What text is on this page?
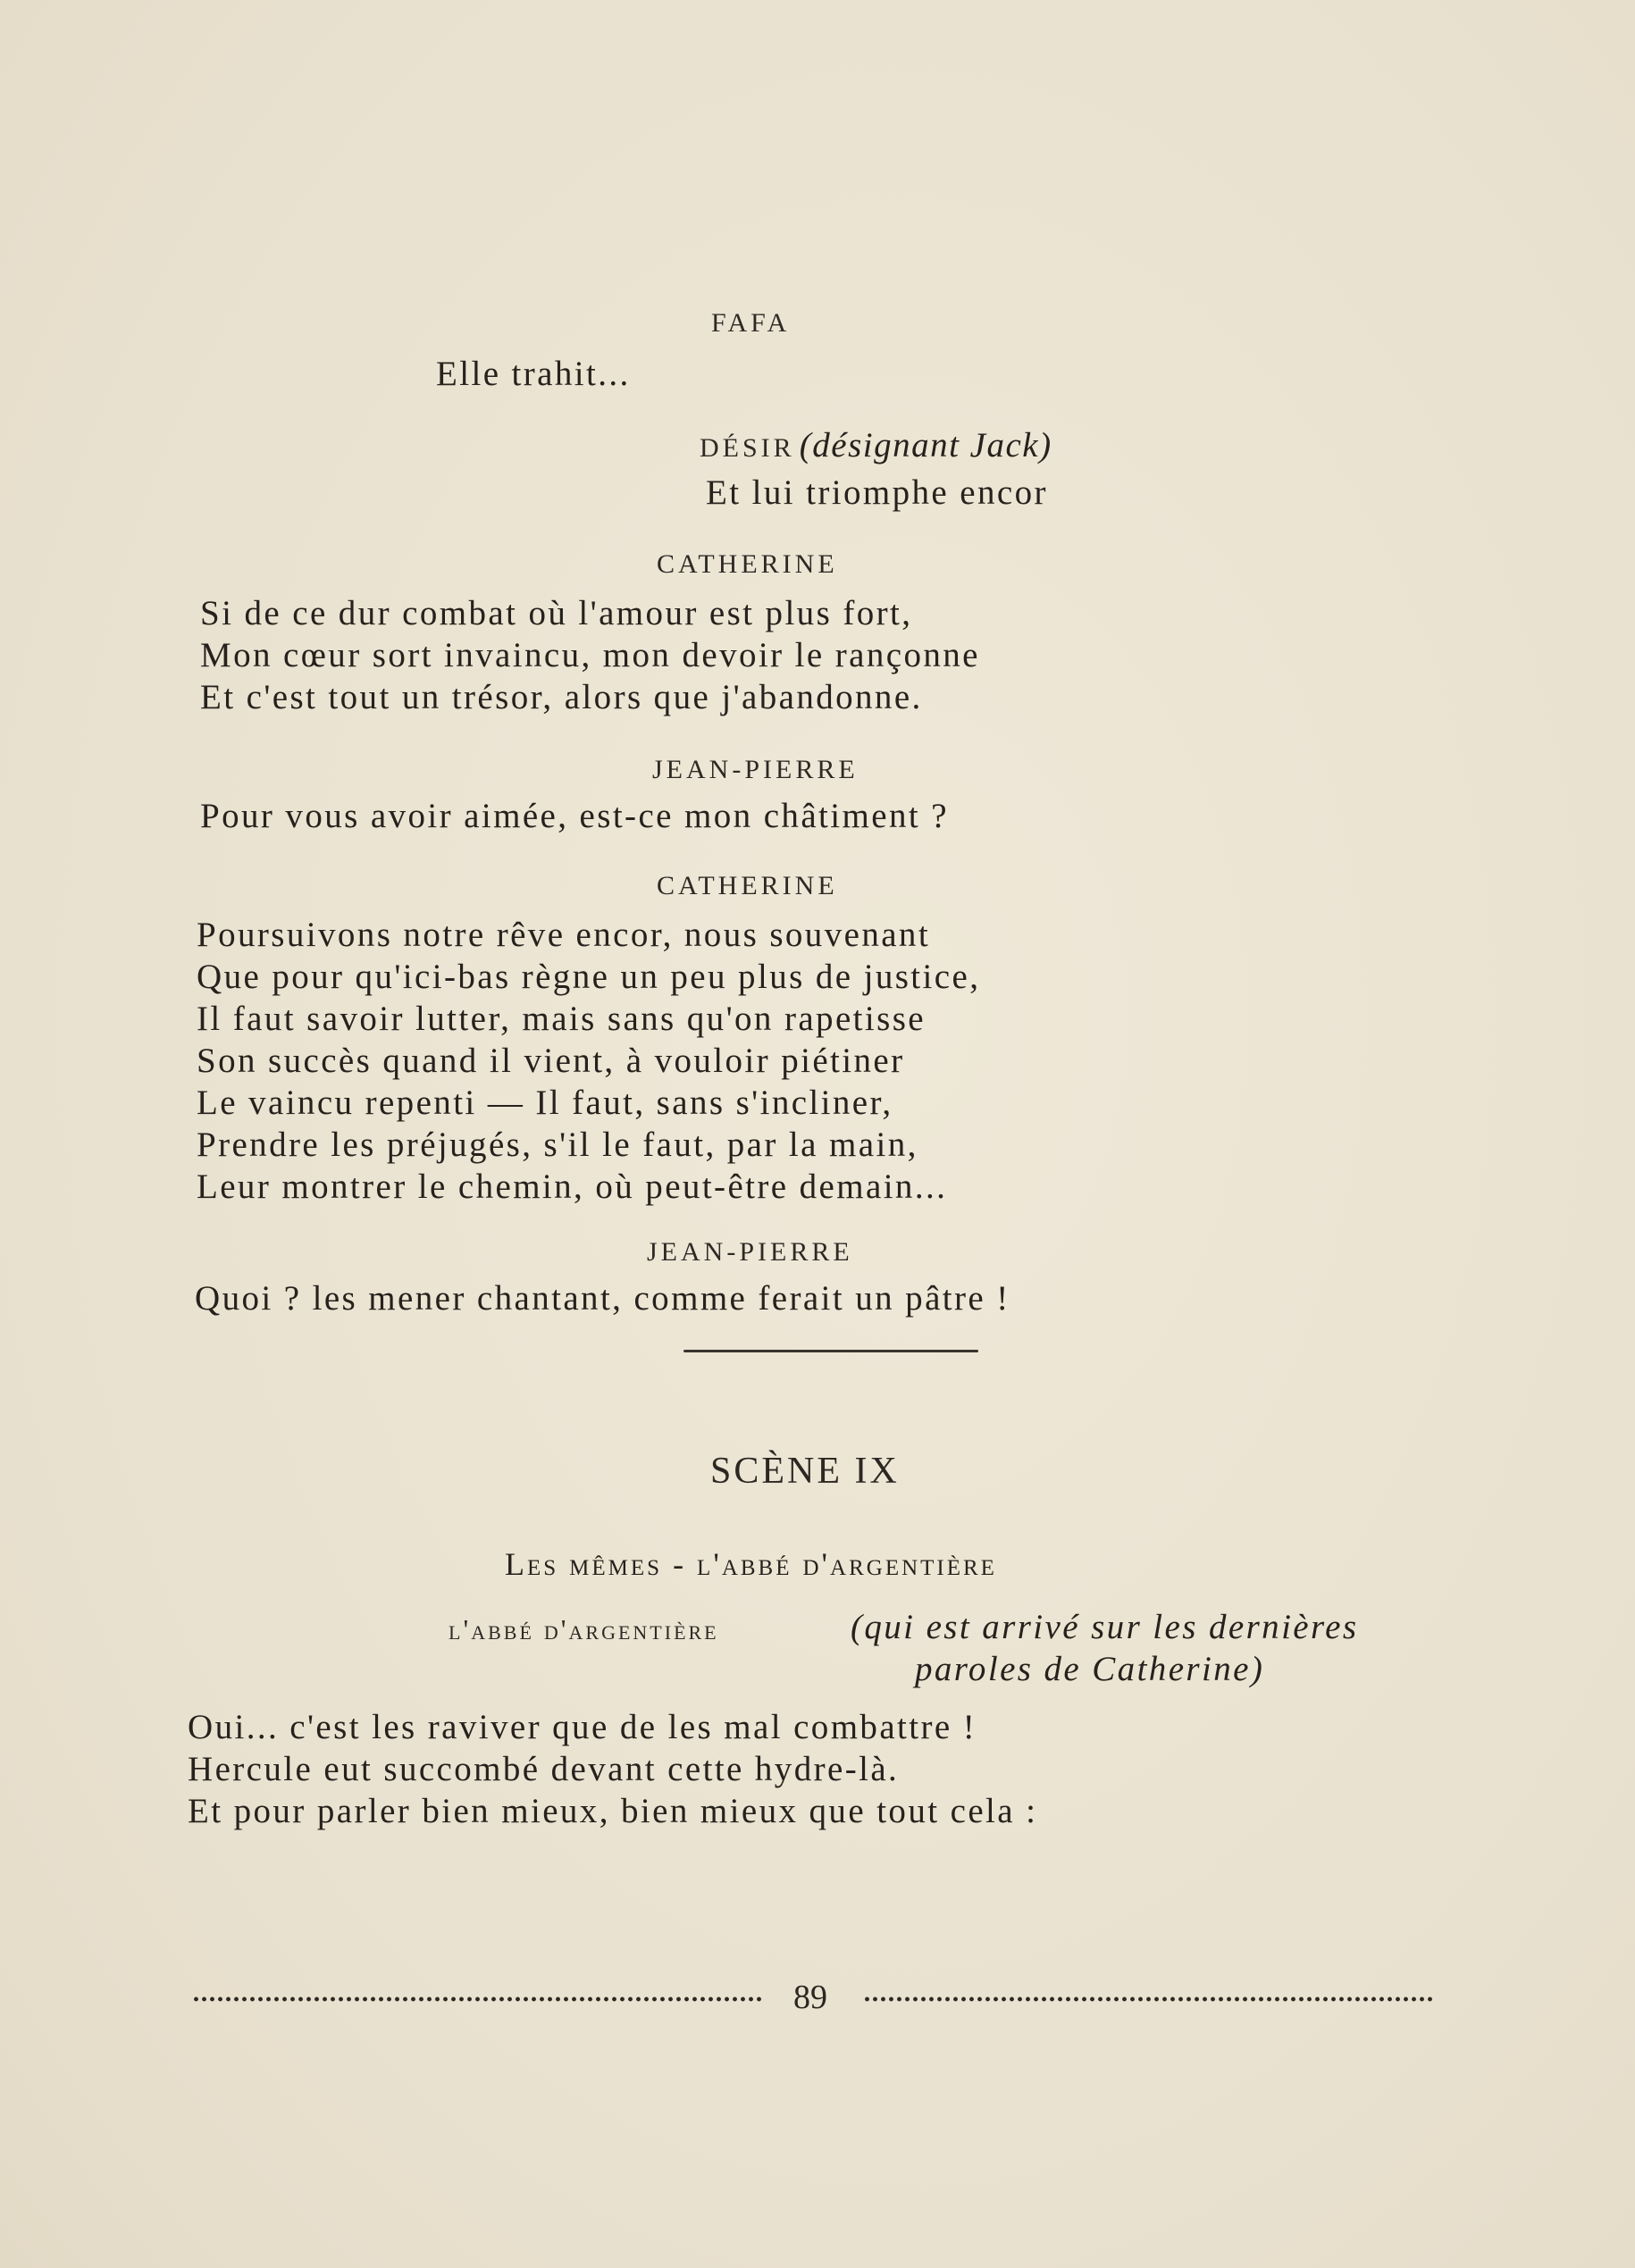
FAFA
Elle trahit...
DÉSIR (désignant Jack)
Et lui triomphe encor
CATHERINE
Si de ce dur combat où l'amour est plus fort,
Mon cœur sort invaincu, mon devoir le rançonne
Et c'est tout un trésor, alors que j'abandonne.
JEAN-PIERRE
Pour vous avoir aimée, est-ce mon châtiment ?
CATHERINE
Poursuivons notre rêve encor, nous souvenant
Que pour qu'ici-bas règne un peu plus de justice,
Il faut savoir lutter, mais sans qu'on rapetisse
Son succès quand il vient, à vouloir piétiner
Le vaincu repenti — Il faut, sans s'incliner,
Prendre les préjugés, s'il le faut, par la main,
Leur montrer le chemin, où peut-être demain...
JEAN-PIERRE
Quoi ? les mener chantant, comme ferait un pâtre !
SCÈNE IX
Les mêmes - l'abbé d'argentière
l'abbé d'argentière	(qui est arrivé sur les dernières
paroles de Catherine)
Oui... c'est les raviver que de les mal combattre !
Hercule eut succombé devant cette hydre-là.
Et pour parler bien mieux, bien mieux que tout cela :
89
